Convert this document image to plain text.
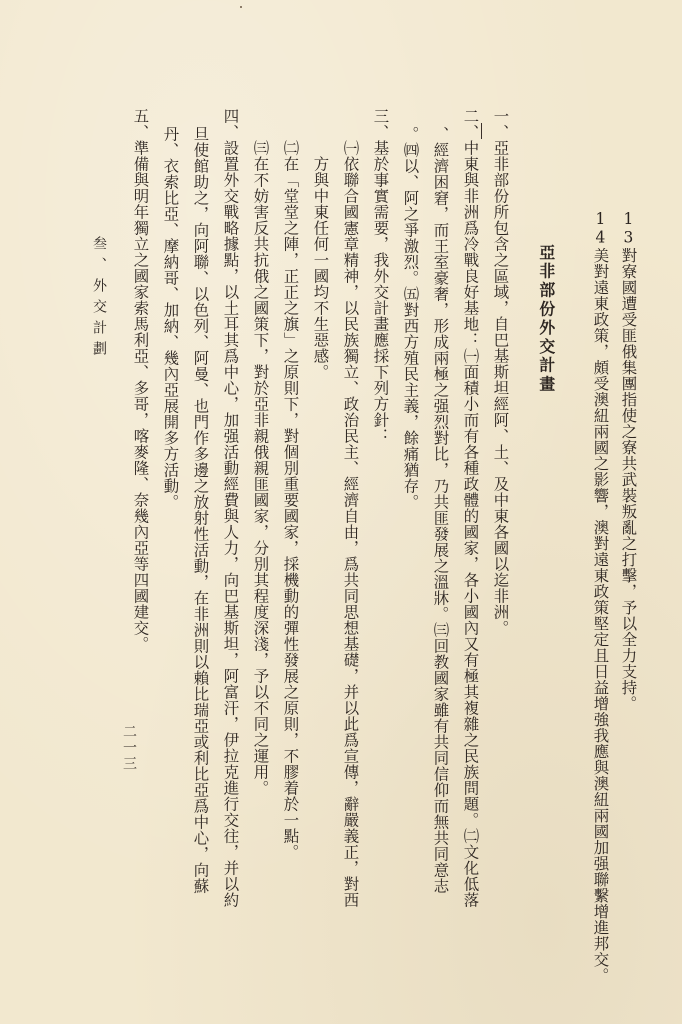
13對寮國遭受匪俄集團指使之寮共武裝叛亂之打擊，予以全力支持。
14美對遠東政策，頗受澳紐兩國之影響，澳對遠東政策堅定且日益增強我應與澳紐兩國加强聯繫增進邦交。
亞非部份外交計畫
一、亞非部份所包含之區域，自巴基斯坦經阿、土、及中東各國以迄非洲。
二、中東與非洲爲冷戰良好基地：㈠面積小而有各種政體的國家，各小國內又有極其複雜之民族問題。㈡文化低落
、經濟困窘，而王室豪奢，形成兩極之强烈對比，乃共匪發展之溫牀。㈢回教國家雖有共同信仰而無共同意志
。㈣以、阿之爭激烈。㈤對西方殖民主義，餘痛猶存。
三、基於事實需要，我外交計畫應採下列方針：
㈠依聯合國憲章精神，以民族獨立、政治民主、經濟自由，爲共同思想基礎，并以此爲宣傳，辭嚴義正，對西
方與中東任何一國均不生惡感。
㈡在「堂堂之陣，正正之旗」之原則下，對個別重要國家，採機動的彈性發展之原則，不膠着於一點。
㈢在不妨害反共抗俄之國策下，對於亞非親俄親匪國家，分別其程度深淺，予以不同之運用。
四、設置外交戰略據點，以土耳其爲中心，加强活動經費與人力，向巴基斯坦，阿富汗，伊拉克進行交往，并以約
旦使館助之，向阿聯、以色列、阿曼、也門作多邊之放射性活動，在非洲則以賴比瑞亞或利比亞爲中心，向蘇
丹、衣索比亞、摩納哥、加納、幾內亞展開多方活動。
五、準備與明年獨立之國家索馬利亞、多哥，喀麥隆、奈幾內亞等四國建交。
叁、外交計劃
二一三
